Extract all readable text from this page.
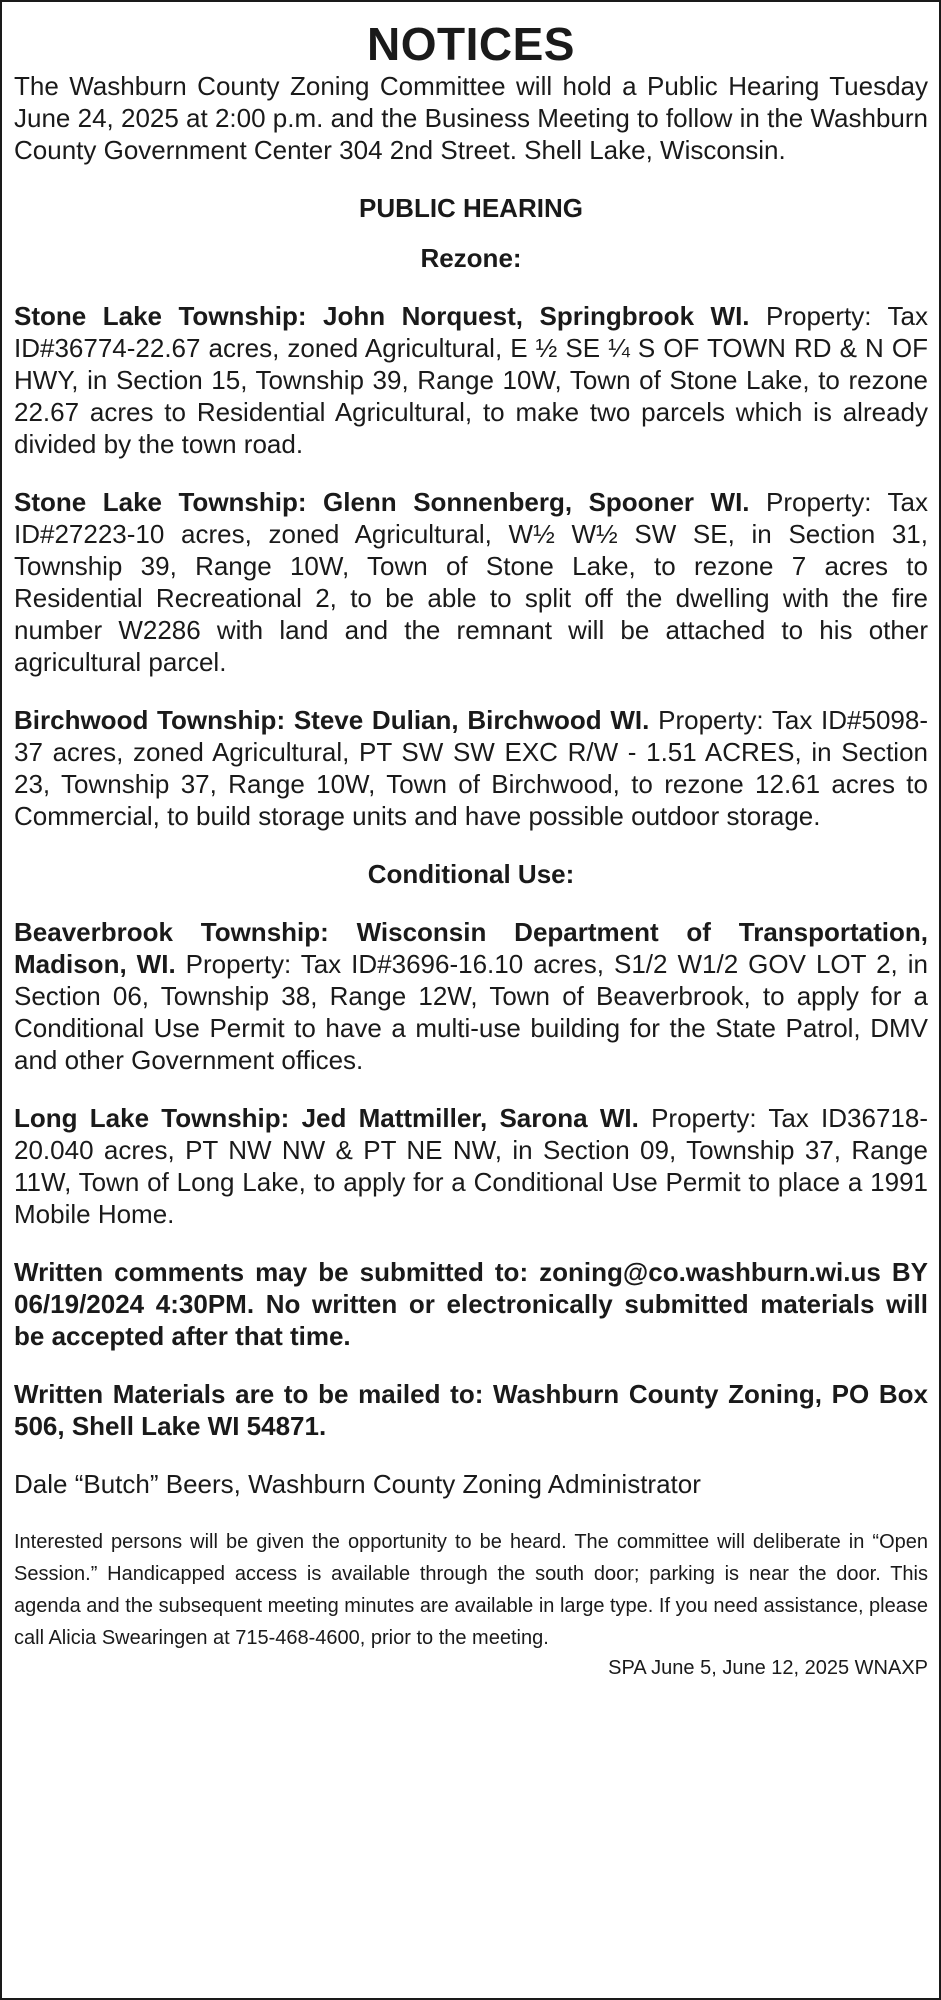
NOTICES

The Washburn County Zoning Committee will hold a Public Hearing Tuesday June 24, 2025 at 2:00 p.m. and the Business Meeting to follow in the Washburn County Government Center 304 2nd Street. Shell Lake, Wisconsin.

PUBLIC HEARING

Rezone:

Stone Lake Township: John Norquest, Springbrook WI. Property: Tax ID#36774-22.67 acres, zoned Agricultural, E ½ SE ¼ S OF TOWN RD & N OF HWY, in Section 15, Township 39, Range 10W, Town of Stone Lake, to rezone 22.67 acres to Residential Agricultural, to make two parcels which is already divided by the town road.

Stone Lake Township: Glenn Sonnenberg, Spooner WI. Property: Tax ID#27223-10 acres, zoned Agricultural, W½ W½ SW SE, in Section 31, Township 39, Range 10W, Town of Stone Lake, to rezone 7 acres to Residential Recreational 2, to be able to split off the dwelling with the fire number W2286 with land and the remnant will be attached to his other agricultural parcel.

Birchwood Township: Steve Dulian, Birchwood WI. Property: Tax ID#5098-37 acres, zoned Agricultural, PT SW SW EXC R/W - 1.51 ACRES, in Section 23, Township 37, Range 10W, Town of Birchwood, to rezone 12.61 acres to Commercial, to build storage units and have possible outdoor storage.

Conditional Use:

Beaverbrook Township: Wisconsin Department of Transportation, Madison, WI. Property: Tax ID#3696-16.10 acres, S1/2 W1/2 GOV LOT 2, in Section 06, Township 38, Range 12W, Town of Beaverbrook, to apply for a Conditional Use Permit to have a multi-use building for the State Patrol, DMV and other Government offices.

Long Lake Township: Jed Mattmiller, Sarona WI. Property: Tax ID36718-20.040 acres, PT NW NW & PT NE NW, in Section 09, Township 37, Range 11W, Town of Long Lake, to apply for a Conditional Use Permit to place a 1991 Mobile Home.

Written comments may be submitted to: zoning@co.washburn.wi.us BY 06/19/2024 4:30PM. No written or electronically submitted materials will be accepted after that time.

Written Materials are to be mailed to: Washburn County Zoning, PO Box 506, Shell Lake WI 54871.

Dale “Butch” Beers, Washburn County Zoning Administrator

Interested persons will be given the opportunity to be heard. The committee will deliberate in “Open Session.” Handicapped access is available through the south door; parking is near the door. This agenda and the subsequent meeting minutes are available in large type. If you need assistance, please call Alicia Swearingen at 715-468-4600, prior to the meeting.

SPA June 5, June 12, 2025 WNAXP
